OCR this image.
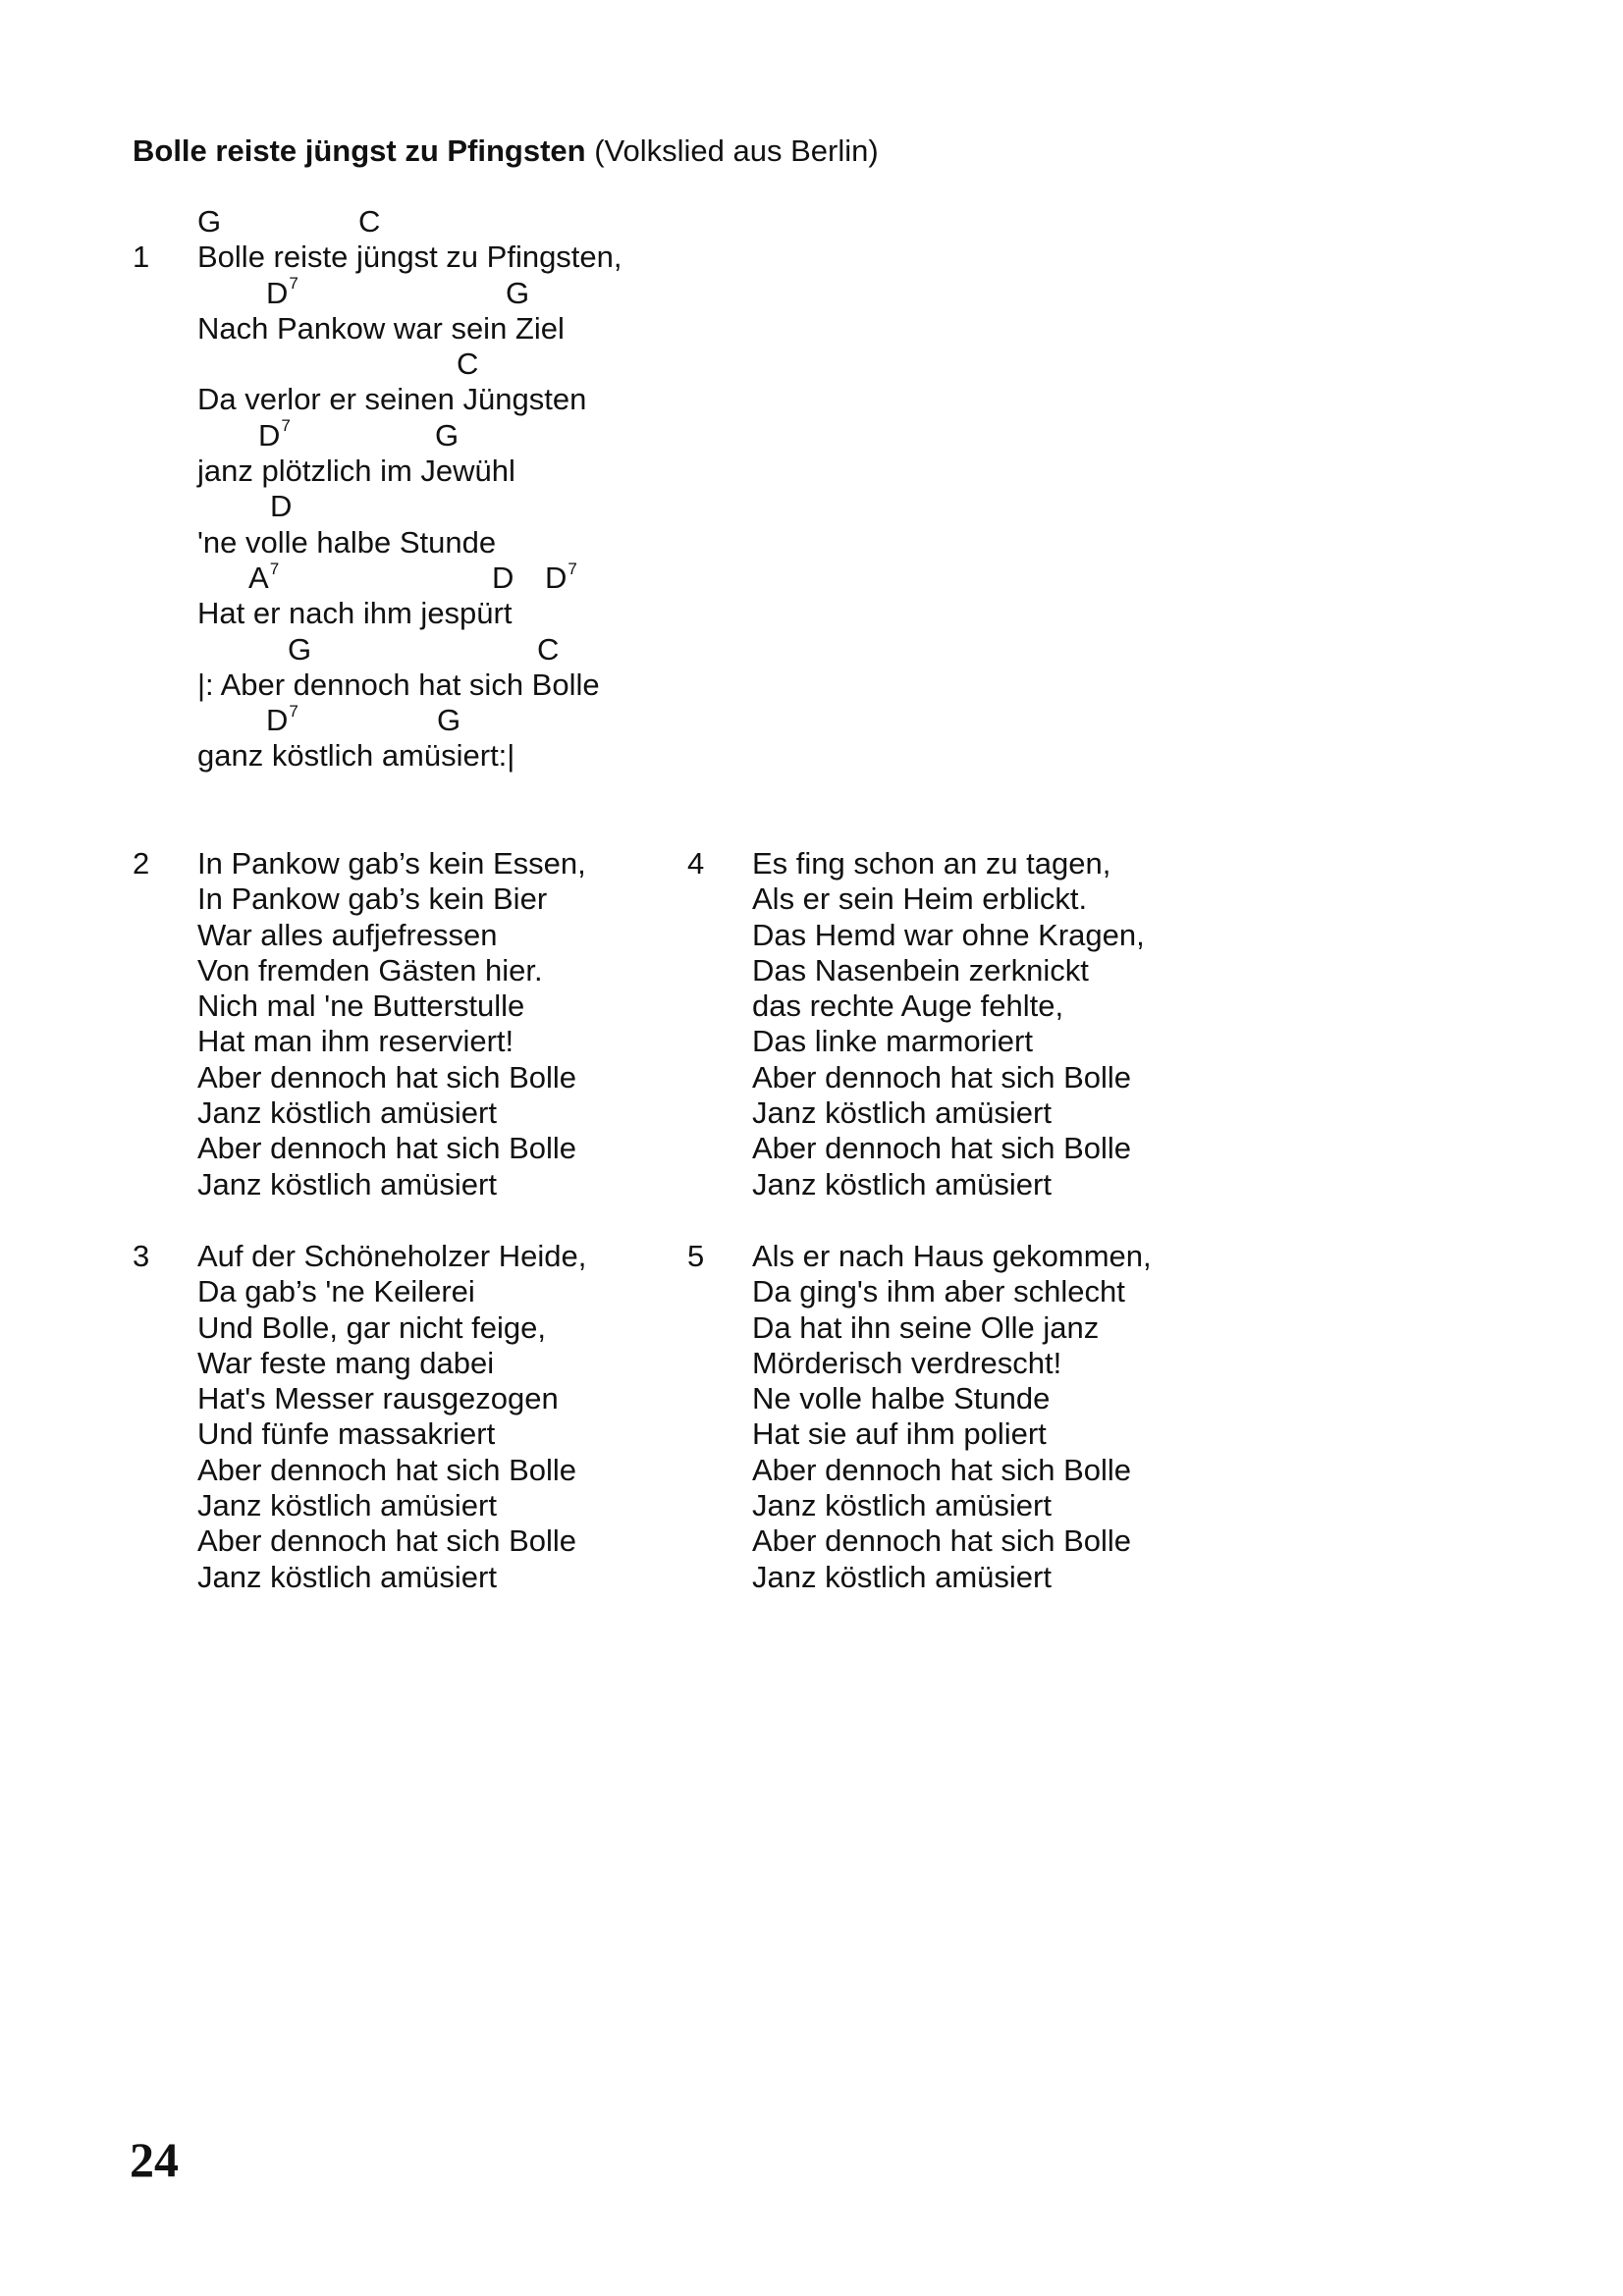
Bolle reiste jüngst zu Pfingsten (Volkslied aus Berlin)
G	C
1 Bolle reiste jüngst zu Pfingsten,
$D^7$	G
Nach Pankow war sein Ziel
C
Da verlor er seinen Jüngsten
$D^7$	G
janz plötzlich im Jewühl
D
'ne volle halbe Stunde
$A^7$	D $D^7$
Hat er nach ihm jespürt
G	C
|: Aber dennoch hat sich Bolle
$D^7$	G
ganz köstlich amüsiert:|
2 In Pankow gab’s kein Essen,
In Pankow gab’s kein Bier
War alles aufjefressen
Von fremden Gästen hier.
Nich mal 'ne Butterstulle
Hat man ihm reserviert!
Aber dennoch hat sich Bolle
Janz köstlich amüsiert
Aber dennoch hat sich Bolle
Janz köstlich amüsiert
4 Es fing schon an zu tagen,
Als er sein Heim erblickt.
Das Hemd war ohne Kragen,
Das Nasenbein zerknickt
das rechte Auge fehlte,
Das linke marmoriert
Aber dennoch hat sich Bolle
Janz köstlich amüsiert
Aber dennoch hat sich Bolle
Janz köstlich amüsiert
3 Auf der Schöneholzer Heide,
Da gab’s 'ne Keilerei
Und Bolle, gar nicht feige,
War feste mang dabei
Hat's Messer rausgezogen
Und fünfe massakriert
Aber dennoch hat sich Bolle
Janz köstlich amüsiert
Aber dennoch hat sich Bolle
Janz köstlich amüsiert
5 Als er nach Haus gekommen,
Da ging's ihm aber schlecht
Da hat ihn seine Olle janz
Mörderisch verdrescht!
Ne volle halbe Stunde
Hat sie auf ihm poliert
Aber dennoch hat sich Bolle
Janz köstlich amüsiert
Aber dennoch hat sich Bolle
Janz köstlich amüsiert
24
